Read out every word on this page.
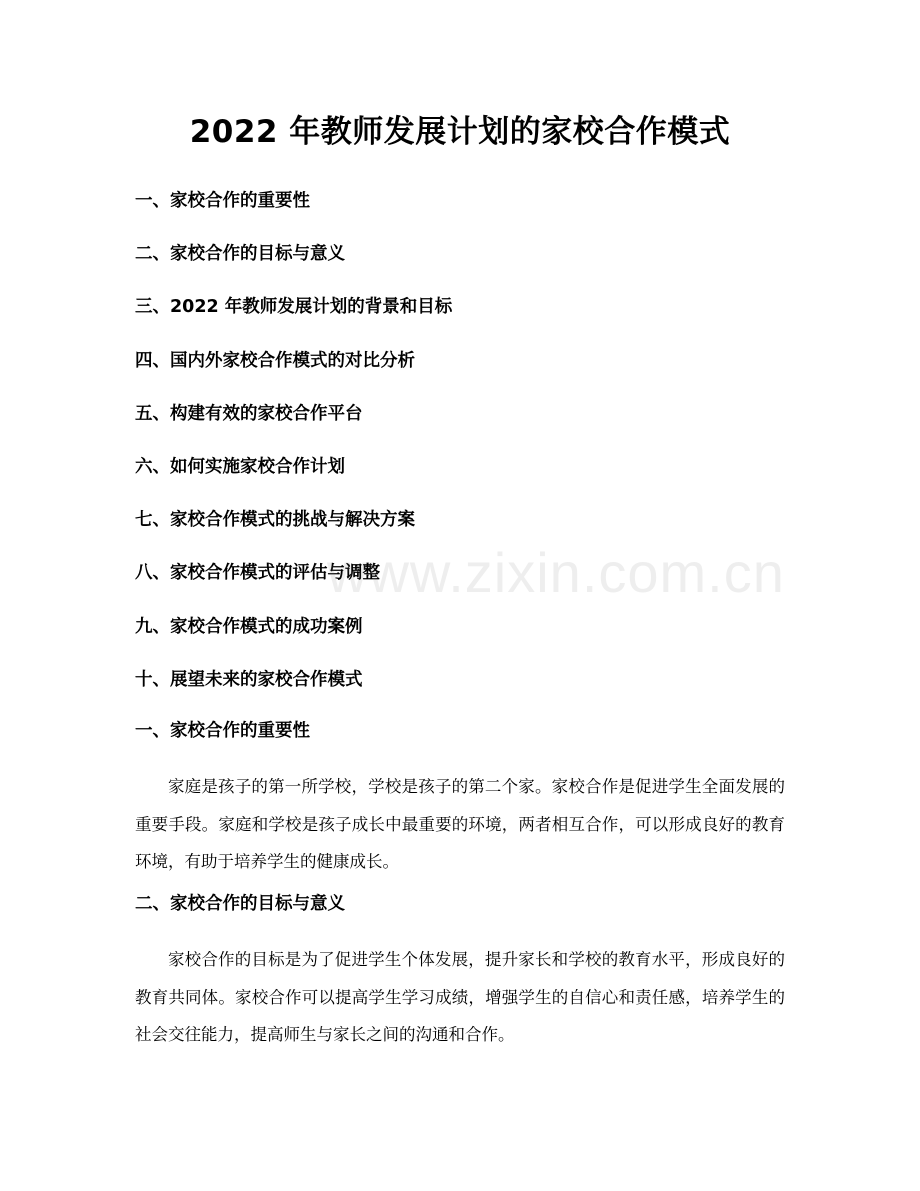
2022 年教师发展计划的家校合作模式
一、家校合作的重要性
二、家校合作的目标与意义
三、2022 年教师发展计划的背景和目标
四、国内外家校合作模式的对比分析
五、构建有效的家校合作平台
六、如何实施家校合作计划
七、家校合作模式的挑战与解决方案
八、家校合作模式的评估与调整
九、家校合作模式的成功案例
十、展望未来的家校合作模式
一、家校合作的重要性
家庭是孩子的第一所学校，学校是孩子的第二个家。家校合作是促进学生全面发展的重要手段。家庭和学校是孩子成长中最重要的环境，两者相互合作，可以形成良好的教育环境，有助于培养学生的健康成长。
二、家校合作的目标与意义
家校合作的目标是为了促进学生个体发展，提升家长和学校的教育水平，形成良好的教育共同体。家校合作可以提高学生学习成绩，增强学生的自信心和责任感，培养学生的社会交往能力，提高师生与家长之间的沟通和合作。
www.zixin.com.cn
